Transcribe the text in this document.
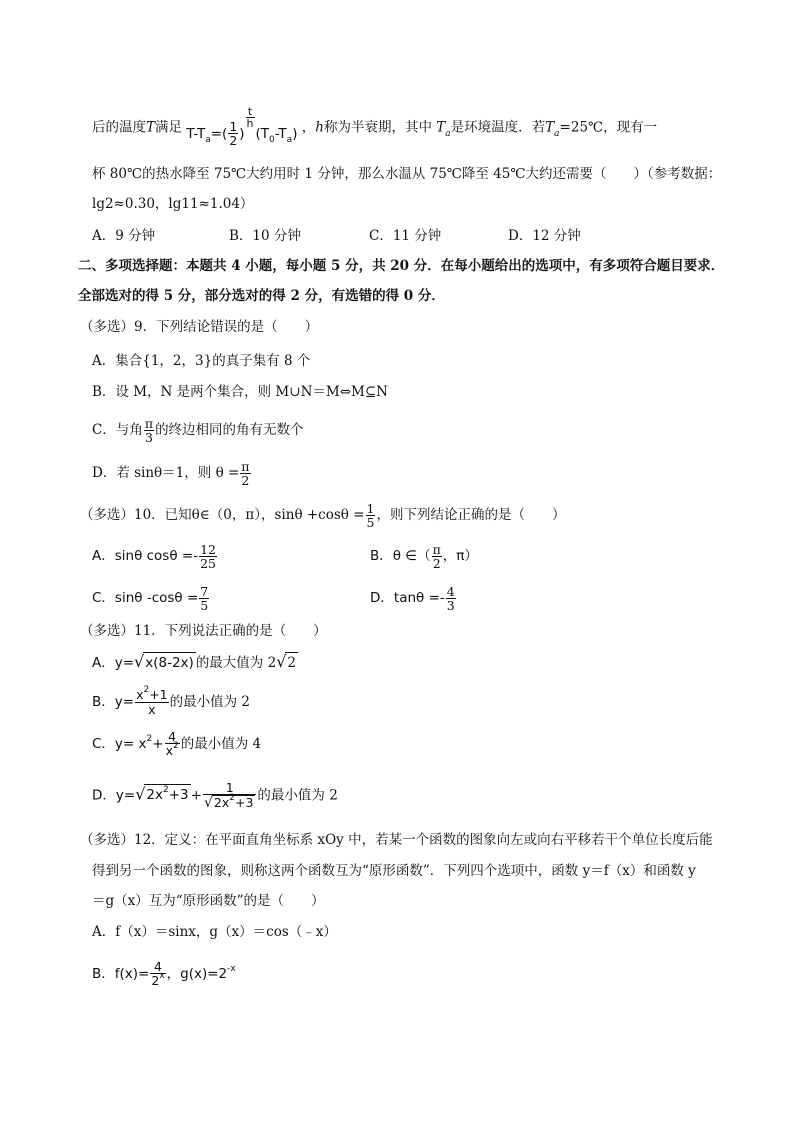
后的温度T满足 $T-T_a=( \frac{1}{2}$ )
$\frac{t}{h}$
$(T_0-T_a)$ ，h称为半衰期，其中 $T_a$是环境温度．若$T_a=25℃$，现有一
杯 80℃的热水降至 75℃大约用时 1 分钟，那么水温从 75℃降至 45℃大约还需要（　　）（参考数据：
lg2≈0.30，lg11≈1.04）
A．9 分钟	B．10 分钟	C．11 分钟	D．12 分钟
二、多项选择题：本题共 4 小题，每小题 5 分，共 20 分．在每小题给出的选项中，有多项符合题目要求．
全部选对的得 5 分，部分选对的得 2 分，有选错的得 0 分．
（多选）9．下列结论错误的是（　　）
A．集合{1，2，3}的真子集有 8 个
B．设 M，N 是两个集合，则 M∪N＝M⇔M⊆N
C．与角 $\frac{\pi}{3}$ 的终边相同的角有无数个
D．若 sinθ＝1，则 $\theta = \frac{\pi}{2}$
（多选）10．已知θ∈（0，π），$\sin\theta +\cos\theta = \frac{1}{5}$ ，则下列结论正确的是（　　）
A．sinθ $\cos\theta =- \frac{12}{25}$	B．θ ∈（ $\frac{\pi}{2}$ ，π）
C．sinθ $-\cos\theta = \frac{7}{5}$	D．$\tan\theta =- \frac{4}{3}$
（多选）11．下列说法正确的是（　　）
A．y=√x(8-2x) 的最大值为 2√2
B．$y= \frac{x^2+1}{x}$ 的最小值为 2
C．$y= x^2+ \frac{4}{x^2}$ 的最小值为 4
D．$y=√2x^2+3 + \frac{1}{√2x^2+3}$ 的最小值为 2
（多选）12．定义：在平面直角坐标系 xOy 中，若某一个函数的图象向左或向右平移若干个单位长度后能
得到另一个函数的图象，则称这两个函数互为“原形函数”．下列四个选项中，函数 y＝f（x）和函数 y
＝g（x）互为“原形函数”的是（　　）
A．f（x）＝sinx，g（x）＝cos（﹣x）
B．$f(x)= \frac{4}{2^x}$ ，$g(x)=2^{-x}$
